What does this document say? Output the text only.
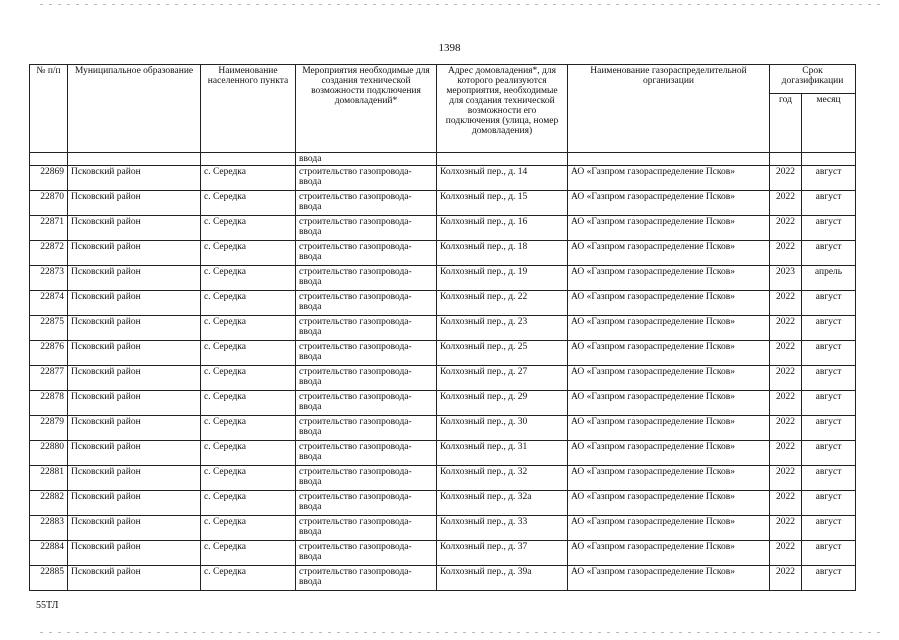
1398
№ п/п	Муниципальное образование	Наименование населенного пункта	Мероприятия необходимые для создания технической возможности подключения домовладений*	Адрес домовладения*, для которого реализуются мероприятия, необходимые для создания технической возможности его подключения (улица, номер домовладения)	Наименование газораспределительной организации	Срок догазификации	
						год	месяц
			ввода				
22869	Псковский район	с. Середка	строительство газопровода-ввода	Колхозный пер., д. 14	АО «Газпром газораспределение Псков»	2022	август
22870	Псковский район	с. Середка	строительство газопровода-ввода	Колхозный пер., д. 15	АО «Газпром газораспределение Псков»	2022	август
22871	Псковский район	с. Середка	строительство газопровода-ввода	Колхозный пер., д. 16	АО «Газпром газораспределение Псков»	2022	август
22872	Псковский район	с. Середка	строительство газопровода-ввода	Колхозный пер., д. 18	АО «Газпром газораспределение Псков»	2022	август
22873	Псковский район	с. Середка	строительство газопровода-ввода	Колхозный пер., д. 19	АО «Газпром газораспределение Псков»	2023	апрель
22874	Псковский район	с. Середка	строительство газопровода-ввода	Колхозный пер., д. 22	АО «Газпром газораспределение Псков»	2022	август
22875	Псковский район	с. Середка	строительство газопровода-ввода	Колхозный пер., д. 23	АО «Газпром газораспределение Псков»	2022	август
22876	Псковский район	с. Середка	строительство газопровода-ввода	Колхозный пер., д. 25	АО «Газпром газораспределение Псков»	2022	август
22877	Псковский район	с. Середка	строительство газопровода-ввода	Колхозный пер., д. 27	АО «Газпром газораспределение Псков»	2022	август
22878	Псковский район	с. Середка	строительство газопровода-ввода	Колхозный пер., д. 29	АО «Газпром газораспределение Псков»	2022	август
22879	Псковский район	с. Середка	строительство газопровода-ввода	Колхозный пер., д. 30	АО «Газпром газораспределение Псков»	2022	август
22880	Псковский район	с. Середка	строительство газопровода-ввода	Колхозный пер., д. 31	АО «Газпром газораспределение Псков»	2022	август
22881	Псковский район	с. Середка	строительство газопровода-ввода	Колхозный пер., д. 32	АО «Газпром газораспределение Псков»	2022	август
22882	Псковский район	с. Середка	строительство газопровода-ввода	Колхозный пер., д. 32а	АО «Газпром газораспределение Псков»	2022	август
22883	Псковский район	с. Середка	строительство газопровода-ввода	Колхозный пер., д. 33	АО «Газпром газораспределение Псков»	2022	август
22884	Псковский район	с. Середка	строительство газопровода-ввода	Колхозный пер., д. 37	АО «Газпром газораспределение Псков»	2022	август
22885	Псковский район	с. Середка	строительство газопровода-ввода	Колхозный пер., д. 39а	АО «Газпром газораспределение Псков»	2022	август
55ТЛ
